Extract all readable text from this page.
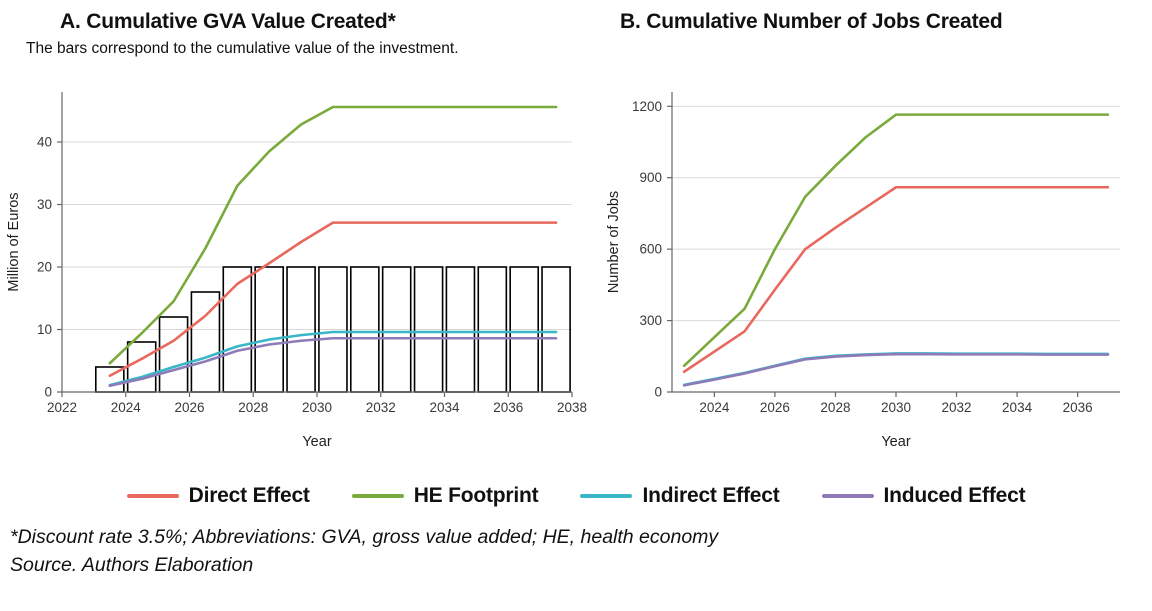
A. Cumulative GVA Value Created*
The bars correspond to the cumulative value of the investment.
2022 2024 2026 2028 2030 2032 2034 2036 2038
0
10
20
30
40
Year
Million of Euros
B. Cumulative Number of Jobs Created
2024 2026 2028 2030 2032 2034 2036
0
300
600
900
1200
Year
Number of Jobs
Direct Effect	HE Footprint	Indirect Effect	Induced Effect
*Discount rate 3.5%; Abbreviations: GVA, gross value added; HE, health economy
Source. Authors Elaboration
